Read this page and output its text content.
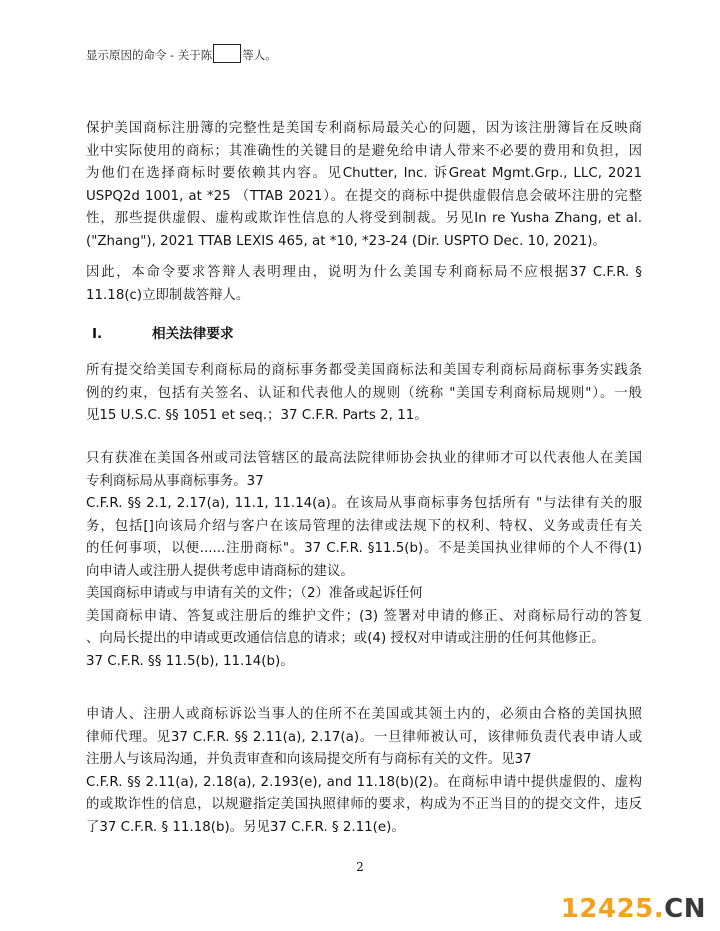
显示原因的命令 - 关于陈	等人。
保护美国商标注册簿的完整性是美国专利商标局最关心的问题，因为该注册簿旨在反映商
业中实际使用的商标；其准确性的关键目的是避免给申请人带来不必要的费用和负担，因
为他们在选择商标时要依赖其内容。见Chutter, Inc. 诉Great Mgmt.Grp., LLC, 2021
USPQ2d 1001, at *25 （TTAB 2021）。在提交的商标中提供虚假信息会破坏注册的完整
性，那些提供虚假、虚构或欺诈性信息的人将受到制裁。另见In re Yusha Zhang, et al.
("Zhang"), 2021 TTAB LEXIS 465, at *10, *23-24 (Dir. USPTO Dec. 10, 2021)。
因此，本命令要求答辩人表明理由，说明为什么美国专利商标局不应根据37 C.F.R. §
11.18(c)立即制裁答辩人。
I.	相关法律要求
所有提交给美国专利商标局的商标事务都受美国商标法和美国专利商标局商标事务实践条
例的约束，包括有关签名、认证和代表他人的规则（统称 "美国专利商标局规则"）。一般
见15 U.S.C. §§ 1051 et seq.；37 C.F.R. Parts 2, 11。
只有获准在美国各州或司法管辖区的最高法院律师协会执业的律师才可以代表他人在美国
专利商标局从事商标事务。37
C.F.R. §§ 2.1, 2.17(a), 11.1, 11.14(a)。在该局从事商标事务包括所有 "与法律有关的服
务，包括[]向该局介绍与客户在该局管理的法律或法规下的权利、特权、义务或责任有关
的任何事项，以便......注册商标"。37 C.F.R. §11.5(b)。不是美国执业律师的个人不得(1)
向申请人或注册人提供考虑申请商标的建议。
美国商标申请或与申请有关的文件；（2）准备或起诉任何
美国商标申请、答复或注册后的维护文件；(3) 签署对申请的修正、对商标局行动的答复
、向局长提出的申请或更改通信信息的请求；或(4) 授权对申请或注册的任何其他修正。
37 C.F.R. §§ 11.5(b), 11.14(b)。
申请人、注册人或商标诉讼当事人的住所不在美国或其领土内的，必须由合格的美国执照
律师代理。见37 C.F.R. §§ 2.11(a), 2.17(a)。一旦律师被认可，该律师负责代表申请人或
注册人与该局沟通，并负责审查和向该局提交所有与商标有关的文件。见37
C.F.R. §§ 2.11(a), 2.18(a), 2.193(e), and 11.18(b)(2)。在商标申请中提供虚假的、虚构
的或欺诈性的信息，以规避指定美国执照律师的要求，构成为不正当目的的提交文件，违反
了37 C.F.R. § 11.18(b)。另见37 C.F.R. § 2.11(e)。
2
12425.CN
